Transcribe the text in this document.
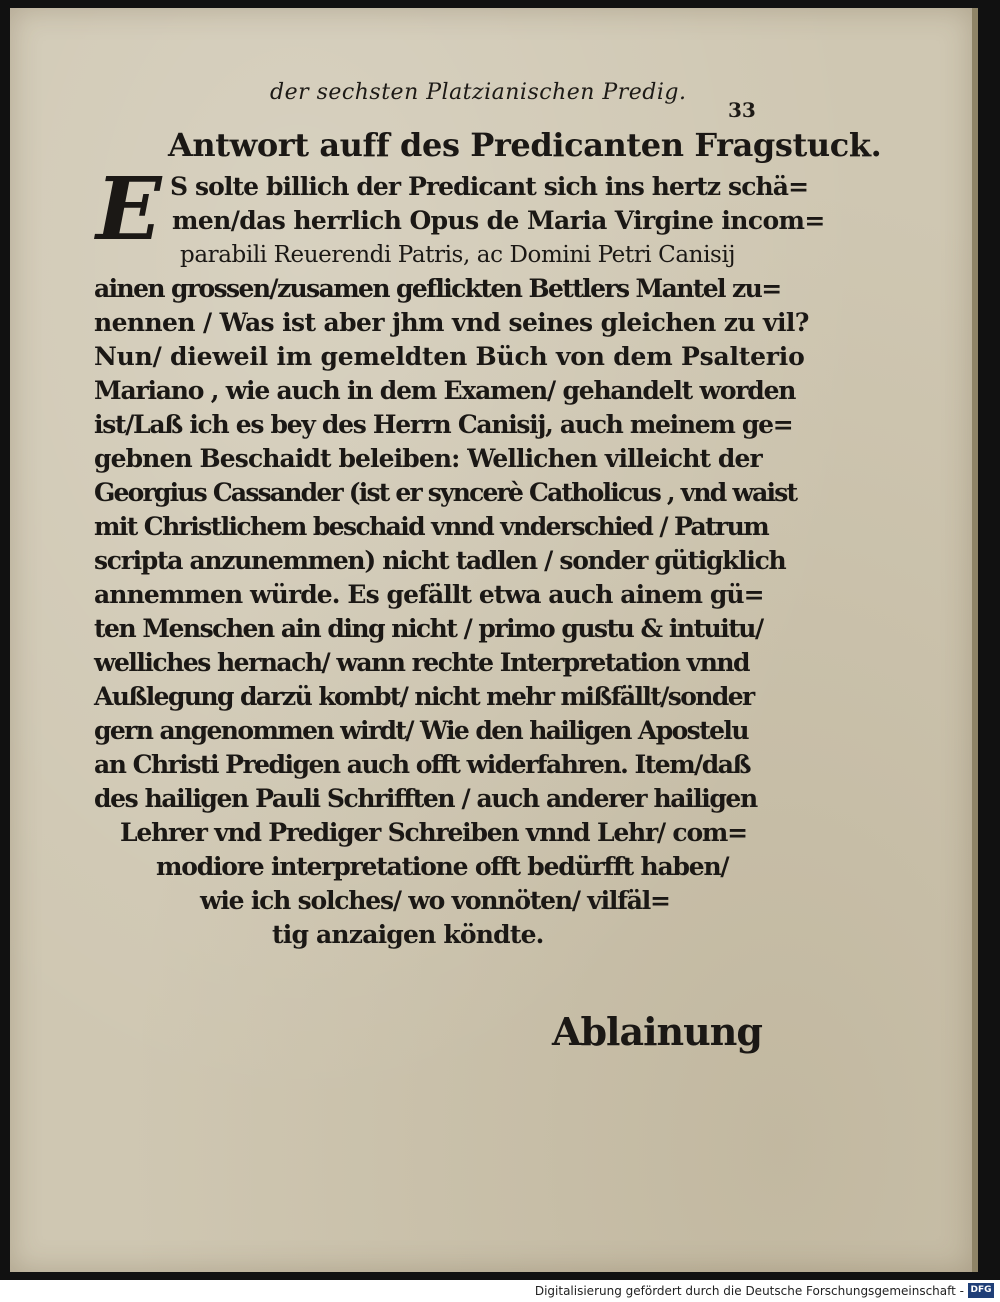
der sechsten Platzianischen Predig.
33
Antwort auff des Predicanten Fragstuck.
E S solte billich der Predicant sich ins hertz schä=
men/das herrlich Opus de Maria Virgine incom=
parabili Reuerendi Patris, ac Domini Petri Canisij
ainen grossen/zusamen geflickten Bettlers Mantel zu=
nennen / Was ist aber jhm vnd seines gleichen zu vil?
Nun/ dieweil im gemeldten Büch von dem Psalterio
Mariano , wie auch in dem Examen/ gehandelt worden
ist/Laß ich es bey des Herrn Canisij, auch meinem ge=
gebnen Beschaidt beleiben: Wellichen villeicht der
Georgius Cassander (ist er syncerè Catholicus , vnd waist
mit Christlichem beschaid vnnd vnderschied / Patrum
scripta anzunemmen) nicht tadlen / sonder gütigklich
annemmen würde. Es gefällt etwa auch ainem gü=
ten Menschen ain ding nicht / primo gustu & intuitu/
welliches hernach/ wann rechte Interpretation vnnd
Außlegung darzü kombt/ nicht mehr mißfällt/sonder
gern angenommen wirdt/ Wie den hailigen Apostelu
an Christi Predigen auch offt widerfahren. Item/daß
des hailigen Pauli Schrifften / auch anderer hailigen
Lehrer vnd Prediger Schreiben vnnd Lehr/ com=
modiore interpretatione offt bedürfft haben/
wie ich solches/ wo vonnöten/ vilfäl=
tig anzaigen köndte.
Ablainung
Digitalisierung gefördert durch die Deutsche Forschungsgemeinschaft - DFG
